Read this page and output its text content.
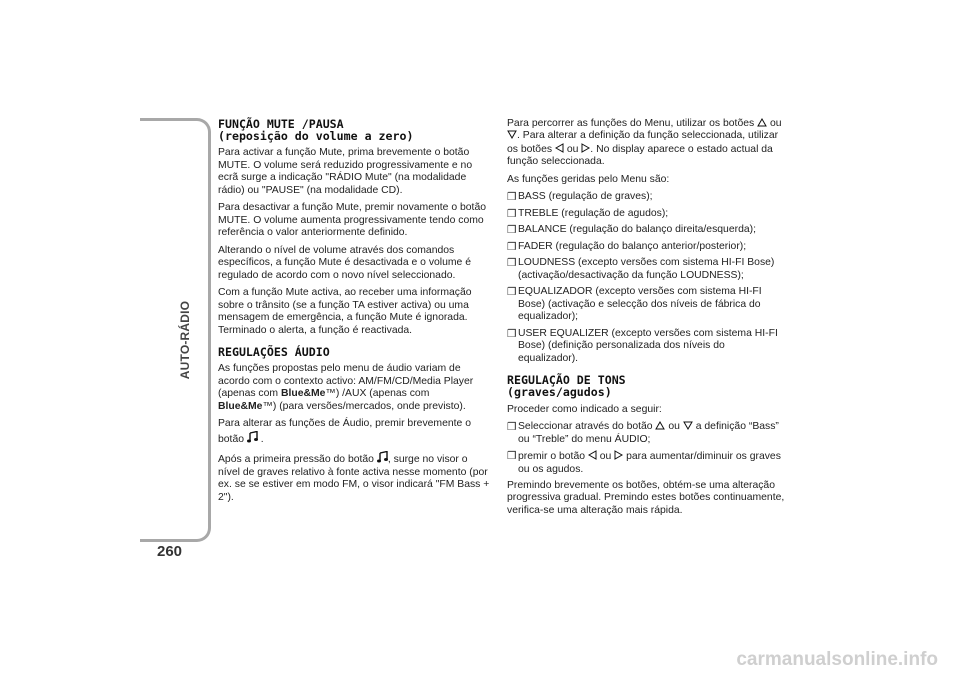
AUTO-RÁDIO
260
FUNÇÃO MUTE /PAUSA
(reposição do volume a zero)

Para activar a função Mute, prima brevemente o botão MUTE. O volume será reduzido progressivamente e no ecrã surge a indicação "RÁDIO Mute" (na modalidade rádio) ou "PAUSE" (na modalidade CD).

Para desactivar a função Mute, premir novamente o botão MUTE. O volume aumenta progressivamente tendo como referência o valor anteriormente definido.

Alterando o nível de volume através dos comandos específicos, a função Mute é desactivada e o volume é regulado de acordo com o novo nível seleccionado.

Com a função Mute activa, ao receber uma informação sobre o trânsito (se a função TA estiver activa) ou uma mensagem de emergência, a função Mute é ignorada. Terminado o alerta, a função é reactivada.

REGULAÇÕES ÁUDIO

As funções propostas pelo menu de áudio variam de acordo com o contexto activo: AM/FM/CD/Media Player (apenas com Blue&Me™) /AUX (apenas com Blue&Me™) (para versões/mercados, onde previsto).

Para alterar as funções de Áudio, premir brevemente o botão .

Após a primeira pressão do botão , surge no visor o nível de graves relativo à fonte activa nesse momento (por ex. se se estiver em modo FM, o visor indicará "FM Bass + 2").

Para percorrer as funções do Menu, utilizar os botões ou . Para alterar a definição da função seleccionada, utilizar os botões ou . No display aparece o estado actual da função seleccionada.

As funções geridas pelo Menu são:

❒ BASS (regulação de graves);
❒ TREBLE (regulação de agudos);
❒ BALANCE (regulação do balanço direita/esquerda);
❒ FADER (regulação do balanço anterior/posterior);
❒ LOUDNESS (excepto versões com sistema HI-FI Bose) (activação/desactivação da função LOUDNESS);
❒ EQUALIZADOR (excepto versões com sistema HI-FI Bose) (activação e selecção dos níveis de fábrica do equalizador);
❒ USER EQUALIZER (excepto versões com sistema HI-FI Bose) (definição personalizada dos níveis do equalizador).
REGULAÇÃO DE TONS
(graves/agudos)

Proceder como indicado a seguir:

❒ Seleccionar através do botão ou a definição “Bass” ou “Treble” do menu ÁUDIO;
❒ premir o botão ou para aumentar/diminuir os graves ou os agudos.

Premindo brevemente os botões, obtém-se uma alteração progressiva gradual. Premindo estes botões continuamente, verifica-se uma alteração mais rápida.

carmanualsonline.info
